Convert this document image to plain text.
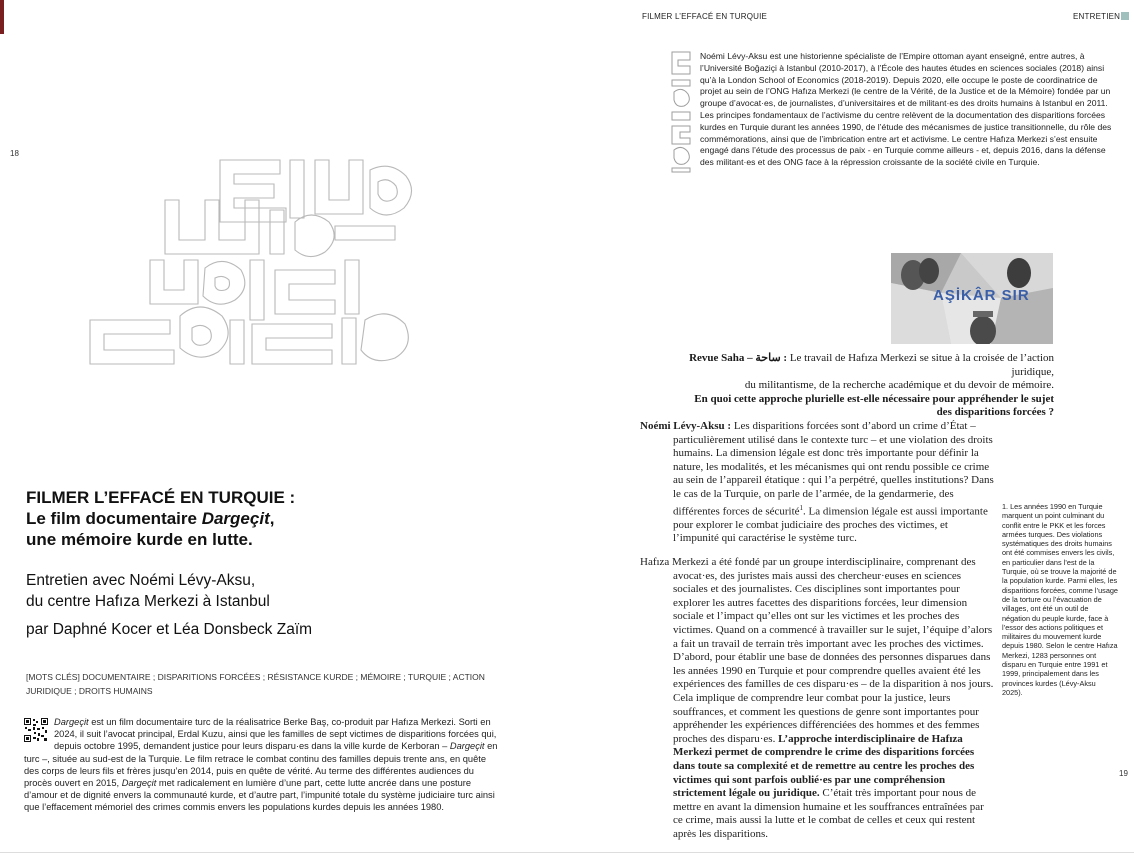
18
19
FILMER L’EFFACÉ EN TURQUIE	ENTRETIEN
FILMER L’EFFACÉ EN TURQUIE :
Le film documentaire Dargeçit,
une mémoire kurde en lutte.
Entretien avec Noémi Lévy-Aksu,
du centre Hafıza Merkezi à Istanbul
par Daphné Kocer et Léa Donsbeck Zaïm
[MOTS CLÉS] DOCUMENTAIRE ; DISPARITIONS FORCÉES ; RÉSISTANCE KURDE ; MÉMOIRE ; TURQUIE ; ACTION JURIDIQUE ; DROITS HUMAINS
Dargeçit est un film documentaire turc de la réalisatrice Berke Baş, co-produit par Hafıza Merkezi. Sorti en 2024, il suit l’avocat principal, Erdal Kuzu, ainsi que les familles de sept victimes de disparitions forcées qui, depuis octobre 1995, demandent justice pour leurs disparu·es dans la ville kurde de Kerboran – Dargeçit en turc –, située au sud-est de la Turquie. Le film retrace le combat continu des familles depuis trente ans, en quête des corps de leurs fils et frères jusqu’en 2014, puis en quête de vérité. Au terme des différentes audiences du procès ouvert en 2015, Dargeçit met radicalement en lumière d’une part, cette lutte ancrée dans une posture d’amour et de dignité envers la communauté kurde, et d’autre part, l’impunité totale du système judiciaire turc ainsi que l’effacement mémoriel des crimes commis envers les populations kurdes depuis les années 1980.
Noémi Lévy-Aksu est une historienne spécialiste de l’Empire ottoman ayant enseigné, entre autres, à l’Université Boğaziçi à Istanbul (2010-2017), à l’École des hautes études en sciences sociales (2018) ainsi qu’à la London School of Economics (2018-2019). Depuis 2020, elle occupe le poste de coordinatrice de projet au sein de l’ONG Hafıza Merkezi (le centre de la Vérité, de la Justice et de la Mémoire) fondée par un groupe d’avocat·es, de journalistes, d’universitaires et de militant·es des droits humains à Istanbul en 2011. Les principes fondamentaux de l’activisme du centre relèvent de la documentation des disparitions forcées kurdes en Turquie durant les années 1990, de l’étude des mécanismes de justice transitionnelle, du rôle des commémorations, ainsi que de l’imbrication entre art et activisme. Le centre Hafıza Merkezi s’est ensuite engagé dans l’étude des processus de paix - en Turquie comme ailleurs - et, depuis 2016, dans la défense des militant·es et des ONG face à la répression croissante de la société civile en Turquie.
AŞİKÂR SIR
Revue Saha – ساحة : Le travail de Hafıza Merkezi se situe à la croisée de l’action juridique,
du militantisme, de la recherche académique et du devoir de mémoire.
En quoi cette approche plurielle est-elle nécessaire pour appréhender le sujet
des disparitions forcées ?

Noémi Lévy-Aksu : Les disparitions forcées sont d’abord un crime d’État – particulièrement utilisé dans le contexte turc – et une violation des droits humains. La dimension légale est donc très importante pour définir la nature, les modalités, et les mécanismes qui ont rendu possible ce crime au sein de l’appareil étatique : qui l’a perpétré, quelles institutions? Dans le cas de la Turquie, on parle de l’armée, de la gendarmerie, des différentes forces de sécurité$^1$. La dimension légale est aussi importante pour explorer le combat judiciaire des proches des victimes, et l’impunité qui caractérise le système turc.

Hafıza Merkezi a été fondé par un groupe interdisciplinaire, comprenant des avocat·es, des juristes mais aussi des chercheur·euses en sciences sociales et des journalistes. Ces disciplines sont importantes pour explorer les autres facettes des disparitions forcées, leur dimension sociale et l’impact qu’elles ont sur les victimes et les proches des victimes. Quand on a commencé à travailler sur le sujet, l’équipe d’alors a fait un travail de terrain très important avec les proches des victimes. D’abord, pour établir une base de données des personnes disparues dans les années 1990 en Turquie et pour comprendre quelles avaient été les expériences des familles de ces disparu·es – de la disparition à nos jours. Cela implique de comprendre leur combat pour la justice, leurs souffrances, et comment les questions de genre sont importantes pour appréhender les expériences différenciées des hommes et des femmes proches des disparu·es. L’approche interdisciplinaire de Hafıza Merkezi permet de comprendre le crime des disparitions forcées dans toute sa complexité et de remettre au centre les proches des victimes qui sont parfois oublié·es par une compréhension strictement légale ou juridique. C’était très important pour nous de mettre en avant la dimension humaine et les souffrances entraînées par ce crime, mais aussi la lutte et le combat de celles et ceux qui restent après les disparitions.

1. Les années 1990 en Turquie marquent un point culminant du conflit entre le PKK et les forces armées turques. Des violations systématiques des droits humains ont été commises envers les civils, en particulier dans l’est de la Turquie, où se trouve la majorité de la population kurde. Parmi elles, les disparitions forcées, comme l’usage de la torture ou l’évacuation de villages, ont été un outil de négation du peuple kurde, face à l’essor des actions politiques et militaires du mouvement kurde depuis 1980. Selon le centre Hafıza Merkezi, 1283 personnes ont disparu en Turquie entre 1991 et 1999, principalement dans les provinces kurdes (Lévy-Aksu 2025).
